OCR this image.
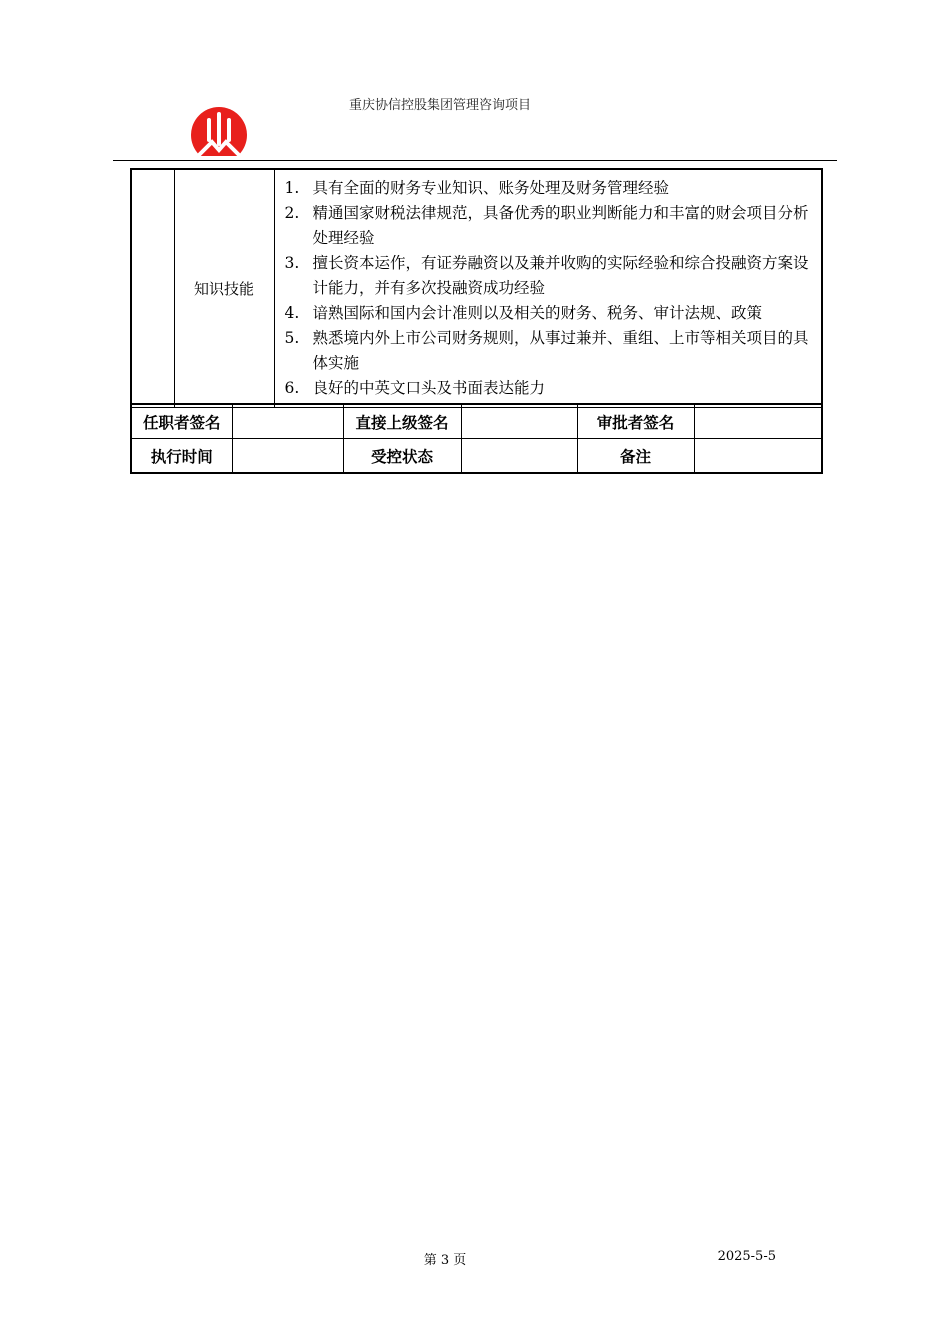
重庆协信控股集团管理咨询项目
	知识技能	
1. 具有全面的财务专业知识、账务处理及财务管理经验
2. 精通国家财税法律规范，具备优秀的职业判断能力和丰富的财会项目分析处理经验
3. 擅长资本运作，有证券融资以及兼并收购的实际经验和综合投融资方案设计能力，并有多次投融资成功经验
4. 谙熟国际和国内会计准则以及相关的财务、税务、审计法规、政策
5. 熟悉境内外上市公司财务规则，从事过兼并、重组、上市等相关项目的具体实施
6. 良好的中英文口头及书面表达能力
任职者签名		直接上级签名		审批者签名	
执行时间		受控状态		备注	
第 3 页	2025-5-5
